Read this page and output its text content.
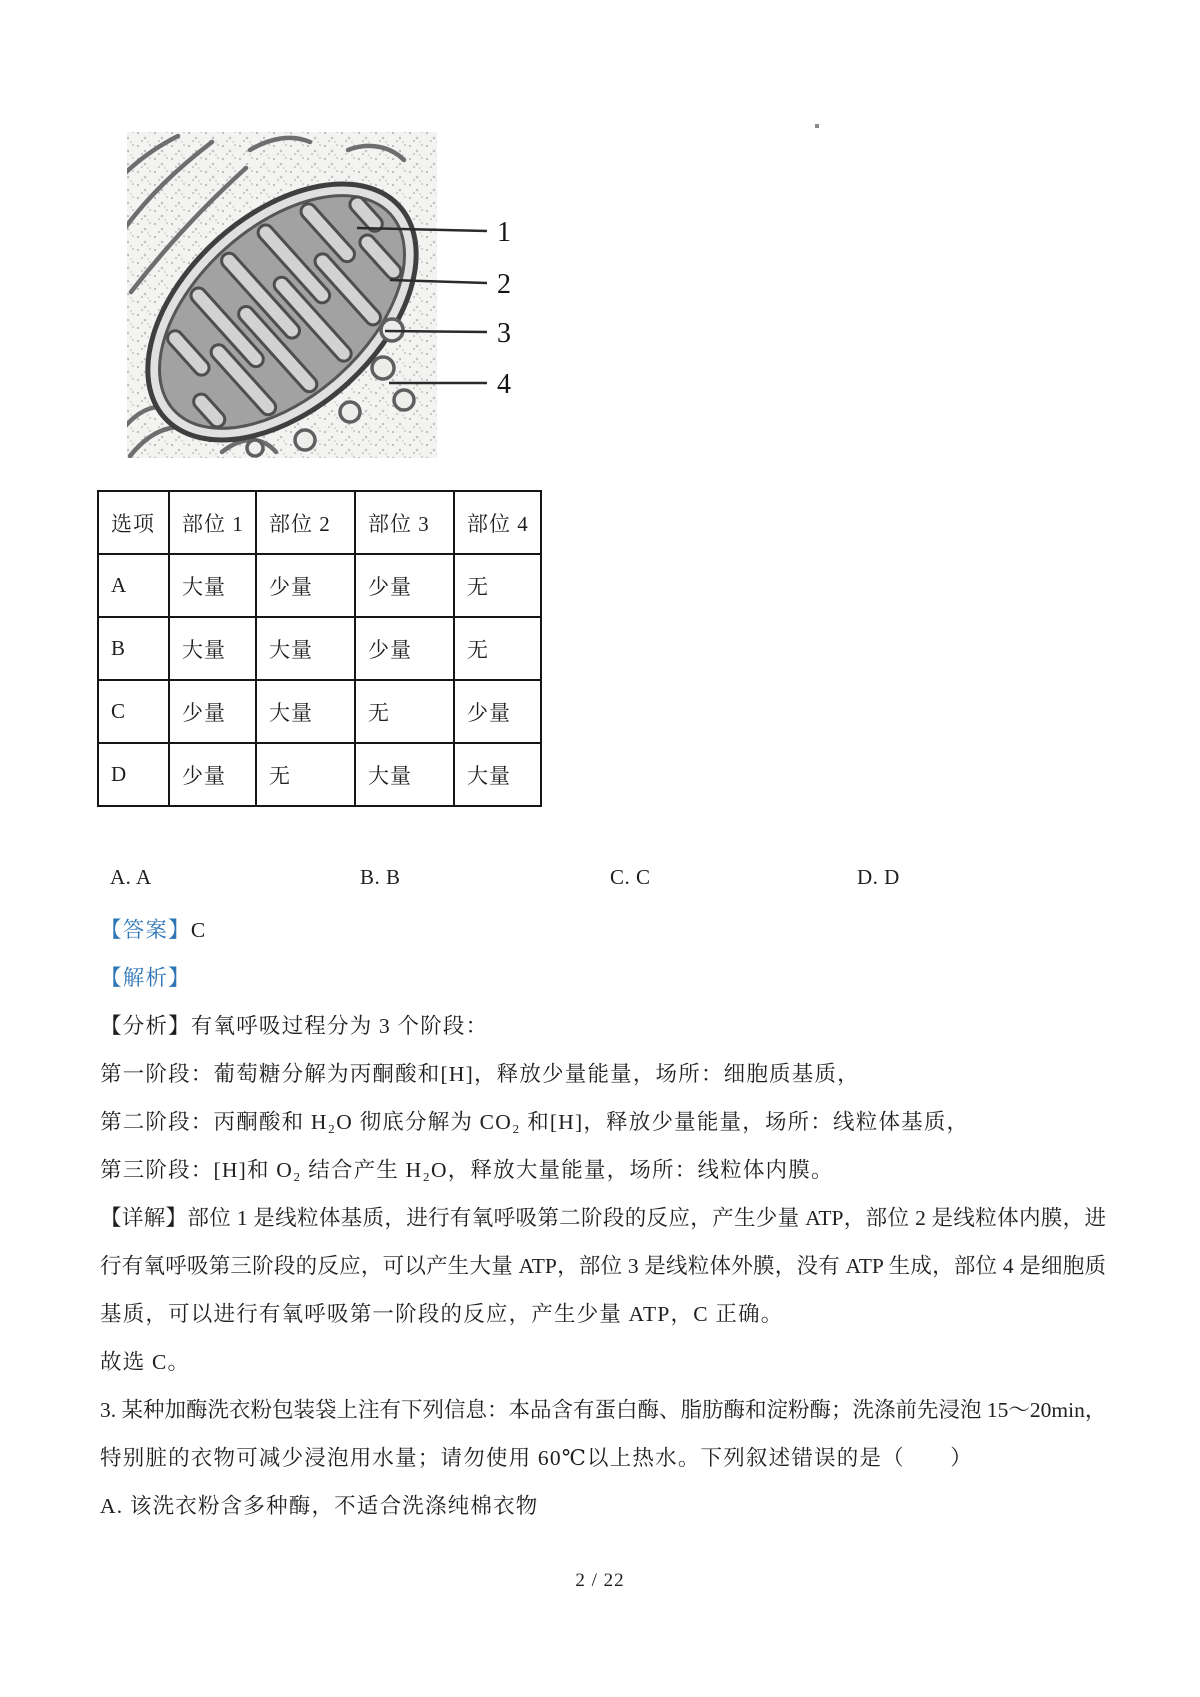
1
2
3
4
选项	部位 1	部位 2	部位 3	部位 4
A	大量	少量	少量	无
B	大量	大量	少量	无
C	少量	大量	无	少量
D	少量	无	大量	大量
A. A	B. B	C. C	D. D
【答案】C
【解析】
【分析】有氧呼吸过程分为 3 个阶段：
第一阶段：葡萄糖分解为丙酮酸和[H]，释放少量能量，场所：细胞质基质，
第二阶段：丙酮酸和 H₂O 彻底分解为 CO₂ 和[H]，释放少量能量，场所：线粒体基质，
第三阶段：[H]和 O₂ 结合产生 H₂O，释放大量能量，场所：线粒体内膜。
【详解】部位 1 是线粒体基质，进行有氧呼吸第二阶段的反应，产生少量 ATP，部位 2 是线粒体内膜，进
行有氧呼吸第三阶段的反应，可以产生大量 ATP，部位 3 是线粒体外膜，没有 ATP 生成，部位 4 是细胞质
基质，可以进行有氧呼吸第一阶段的反应，产生少量 ATP，C 正确。
故选 C。
3. 某种加酶洗衣粉包装袋上注有下列信息：本品含有蛋白酶、脂肪酶和淀粉酶；洗涤前先浸泡 15～20min，
特别脏的衣物可减少浸泡用水量；请勿使用 60℃以上热水。下列叙述错误的是（　　）
A. 该洗衣粉含多种酶，不适合洗涤纯棉衣物
2 / 22
